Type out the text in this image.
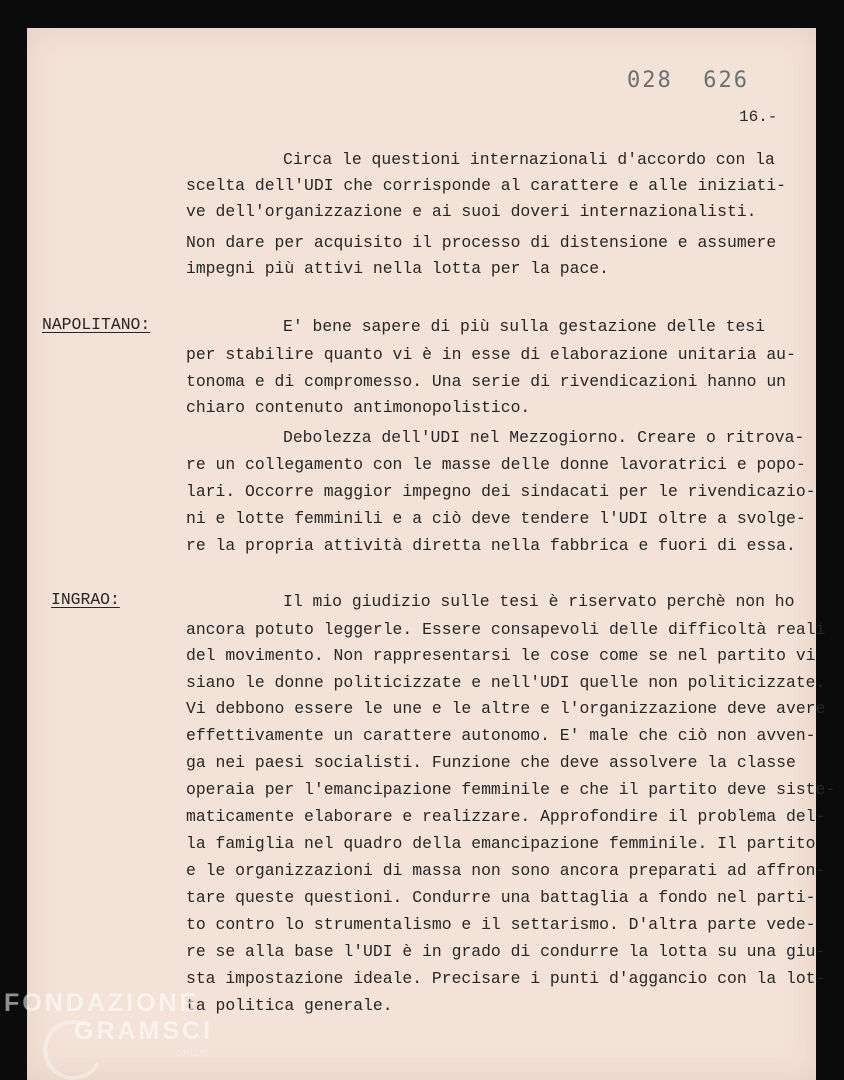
028  626
16.-
Circa le questioni internazionali d'accordo con la
scelta dell'UDI che corrisponde al carattere e alle iniziati-
ve dell'organizzazione e ai suoi doveri internazionalisti.
Non dare per acquisito il processo di distensione e assumere
impegni più attivi nella lotta per la pace.
NAPOLITANO:	E' bene sapere di più sulla gestazione delle tesi
per stabilire quanto vi è in esse di elaborazione unitaria au-
tonoma e di compromesso. Una serie di rivendicazioni hanno un
chiaro contenuto antimonopolistico.
Debolezza dell'UDI nel Mezzogiorno. Creare o ritrova-
re un collegamento con le masse delle donne lavoratrici e popo-
lari. Occorre maggior impegno dei sindacati per le rivendicazio-
ni e lotte femminili e a ciò deve tendere l'UDI oltre a svolge-
re la propria attività diretta nella fabbrica e fuori di essa.
INGRAO:	Il mio giudizio sulle tesi è riservato perchè non ho
ancora potuto leggerle. Essere consapevoli delle difficoltà reali
del movimento. Non rappresentarsi le cose come se nel partito vi
siano le donne politicizzate e nell'UDI quelle non politicizzate.
Vi debbono essere le une e le altre e l'organizzazione deve avere
effettivamente un carattere autonomo. E' male che ciò non avven-
ga nei paesi socialisti. Funzione che deve assolvere la classe
operaia per l'emancipazione femminile e che il partito deve siste-
maticamente elaborare e realizzare. Approfondire il problema del-
la famiglia nel quadro della emancipazione femminile. Il partito
e le organizzazioni di massa non sono ancora preparati ad affron-
tare queste questioni. Condurre una battaglia a fondo nel parti-
to contro lo strumentalismo e il settarismo. D'altra parte vede-
re se alla base l'UDI è in grado di condurre la lotta su una giu-
sta impostazione ideale. Precisare i punti d'aggancio con la lot-
ta politica generale.
FONDAZIONE
GRAMSCI
ONLUS
